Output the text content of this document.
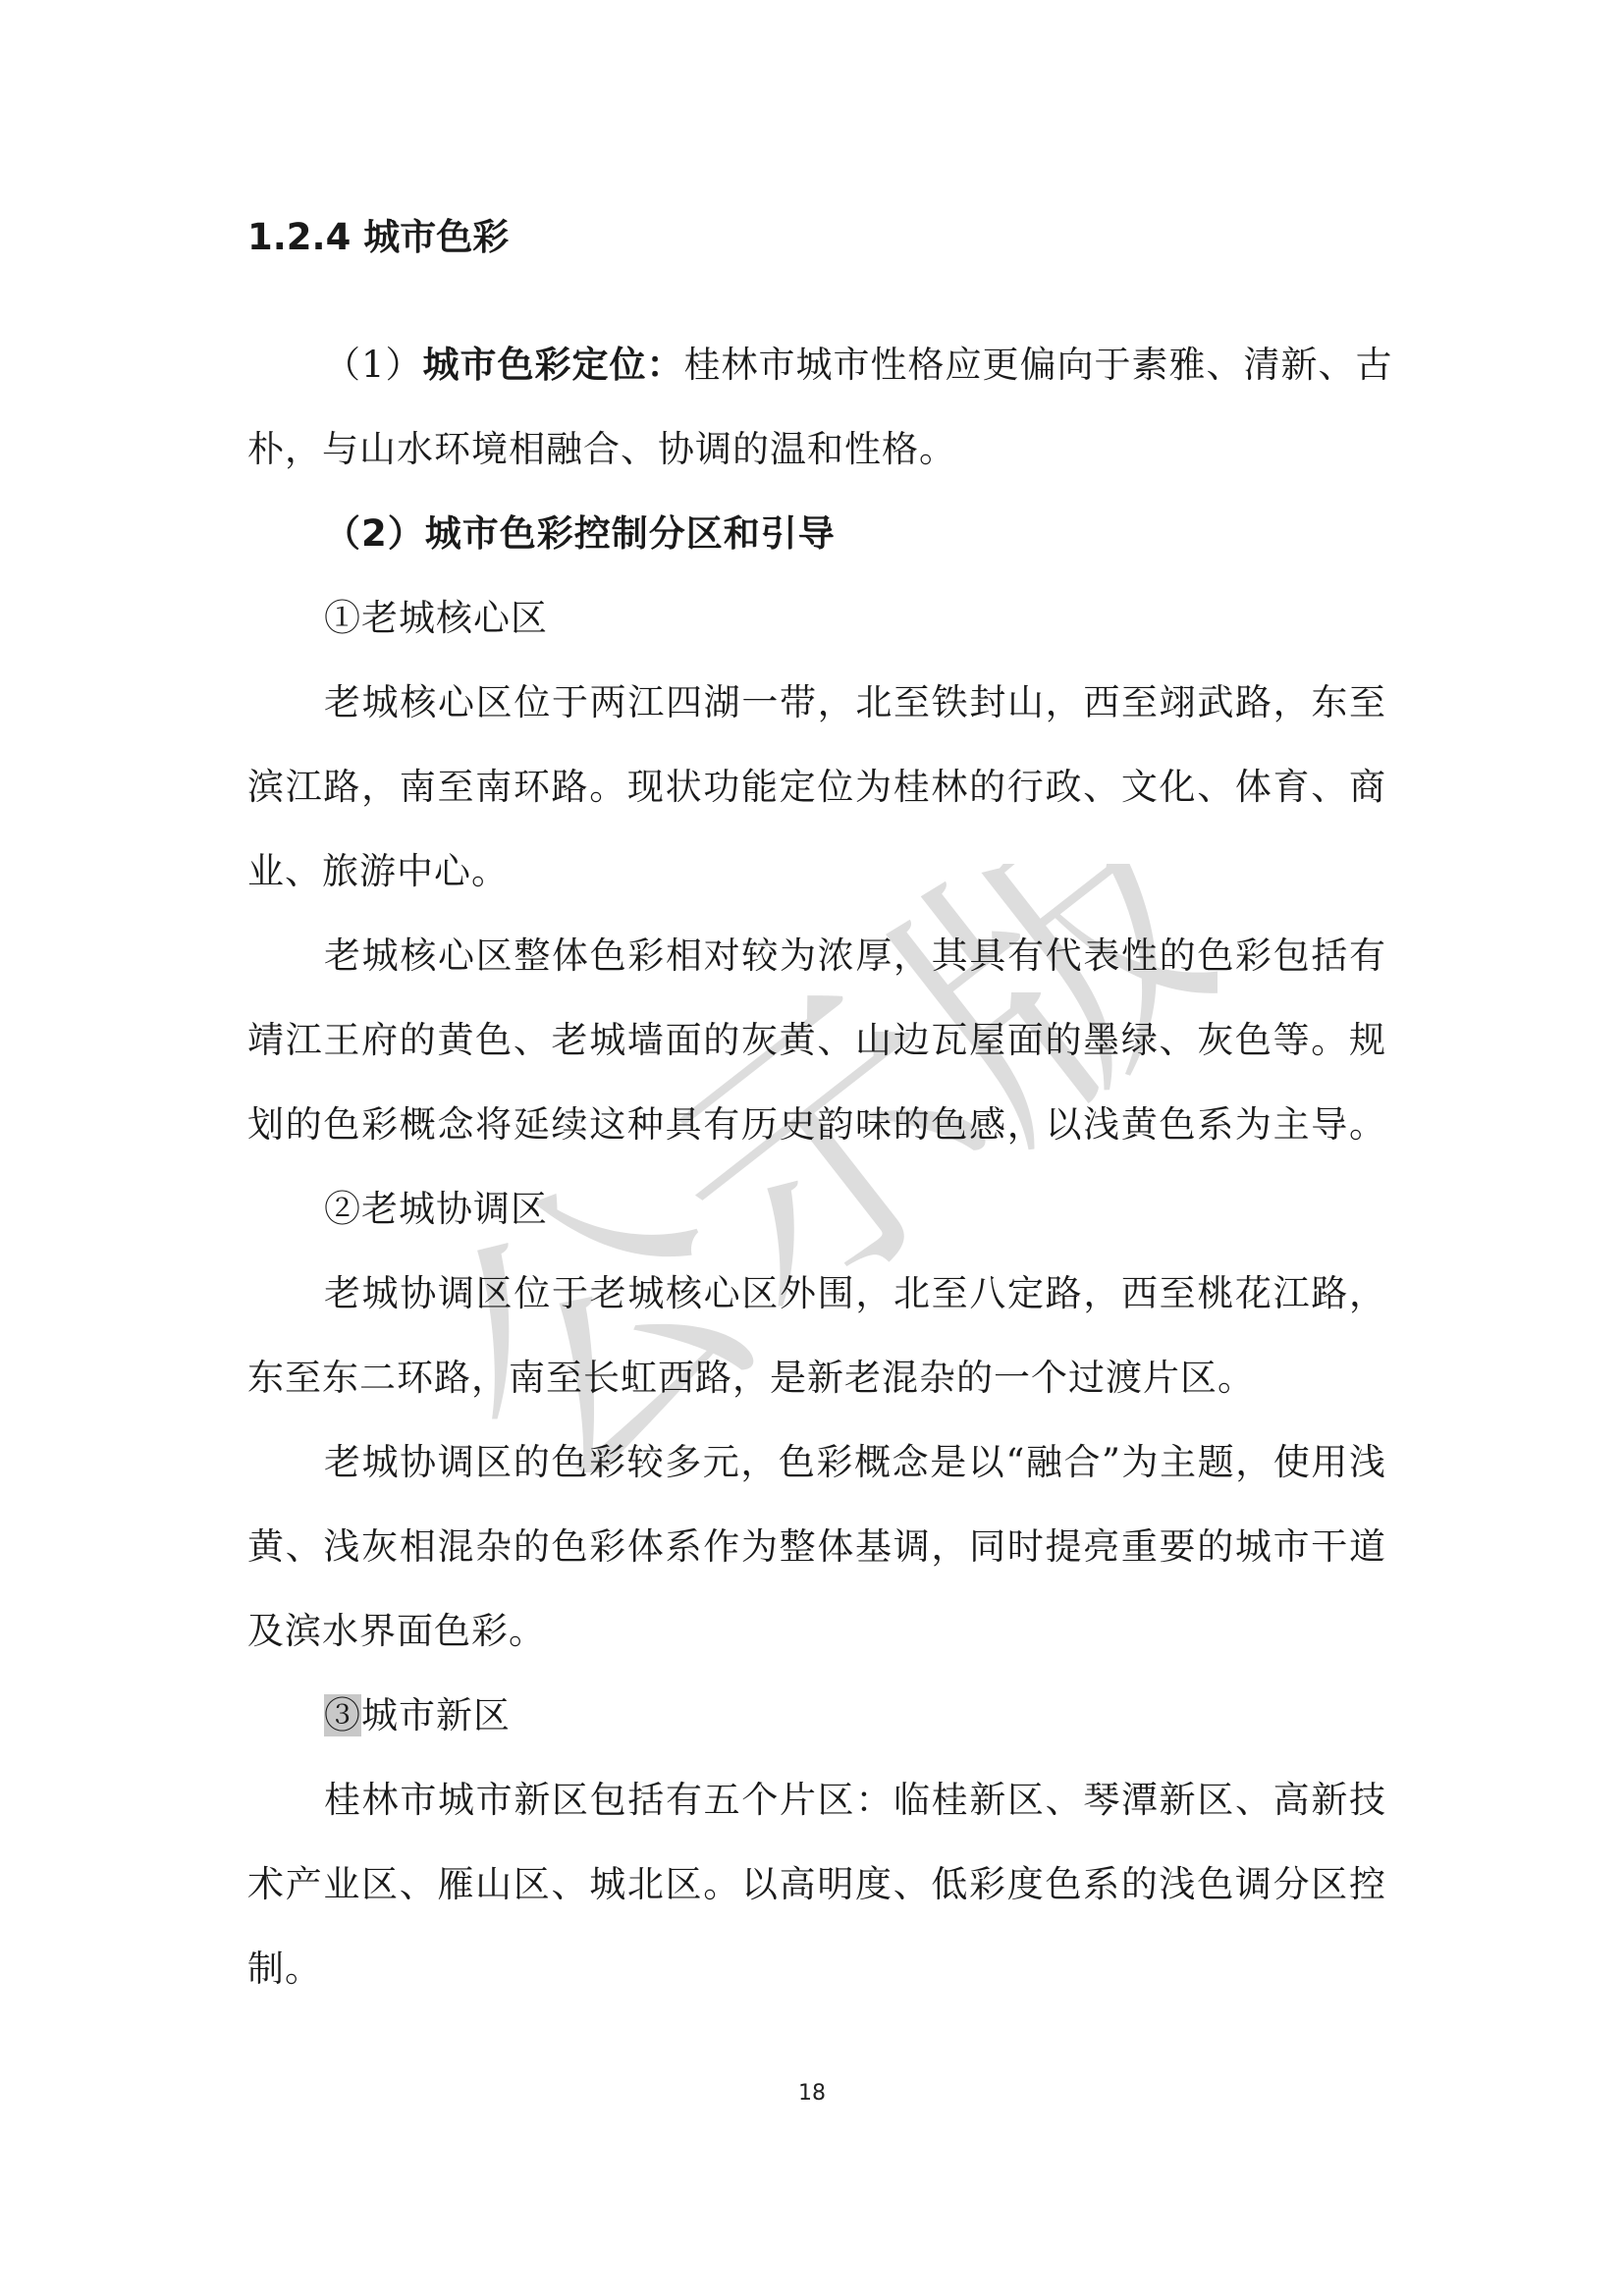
公示版
1.2.4 城市色彩
（1）城市色彩定位：桂林市城市性格应更偏向于素雅、清新、古
朴，与山水环境相融合、协调的温和性格。
（2）城市色彩控制分区和引导
①老城核心区
老城核心区位于两江四湖一带，北至铁封山，西至翊武路，东至
滨江路，南至南环路。现状功能定位为桂林的行政、文化、体育、商
业、旅游中心。
老城核心区整体色彩相对较为浓厚，其具有代表性的色彩包括有
靖江王府的黄色、老城墙面的灰黄、山边瓦屋面的墨绿、灰色等。规
划的色彩概念将延续这种具有历史韵味的色感，以浅黄色系为主导。
②老城协调区
老城协调区位于老城核心区外围，北至八定路，西至桃花江路，
东至东二环路，南至长虹西路，是新老混杂的一个过渡片区。
老城协调区的色彩较多元，色彩概念是以“融合”为主题，使用浅
黄、浅灰相混杂的色彩体系作为整体基调，同时提亮重要的城市干道
及滨水界面色彩。
③城市新区
桂林市城市新区包括有五个片区：临桂新区、琴潭新区、高新技
术产业区、雁山区、城北区。以高明度、低彩度色系的浅色调分区控
制。
18
